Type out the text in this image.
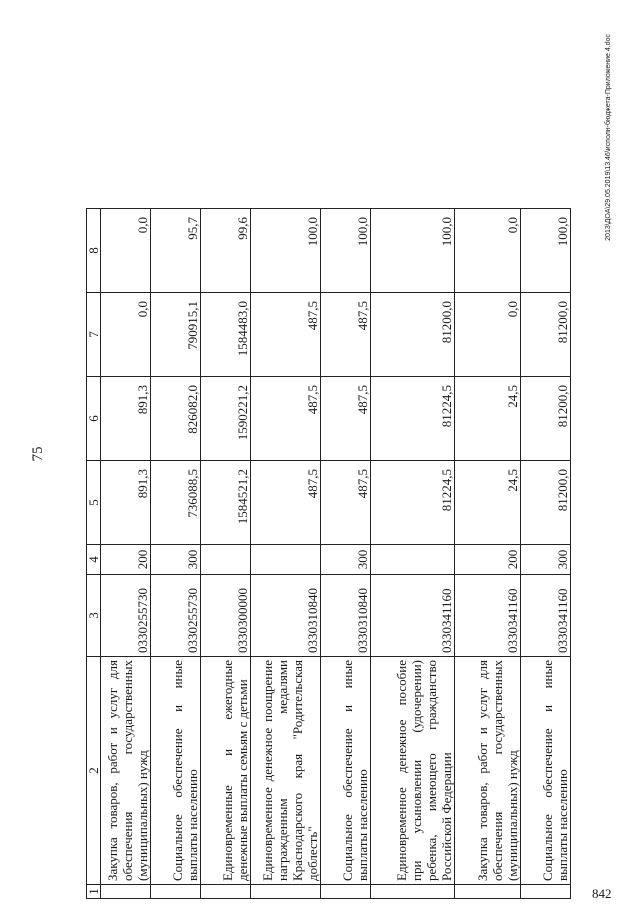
75
1	2	3	4	5	6	7	8
	Закупка товаров, работ и услуг для обеспечения государственных (муниципальных) нужд	0330255730	200	891,3	891,3	0,0	0,0
	Социальное обеспечение и иные выплаты населению	0330255730	300	736088,5	826082,0	790915,1	95,7
	Единовременные и ежегодные денежные выплаты семьям с детьми	0330300000		1584521,2	1590221,2	1584483,0	99,6
	Единовременное денежное поощрение награжденным медалями Краснодарского края "Родительская доблесть"	0330310840		487,5	487,5	487,5	100,0
	Социальное обеспечение и иные выплаты населению	0330310840	300	487,5	487,5	487,5	100,0
	Единовременное денежное пособие при усыновлении (удочерении) ребенка, имеющего гражданство Российской Федерации	0330341160		81224,5	81224,5	81200,0	100,0
	Закупка товаров, работ и услуг для обеспечения государственных (муниципальных) нужд	0330341160	200	24,5	24,5	0,0	0,0
	Социальное обеспечение и иные выплаты населению	0330341160	300	81200,0	81200,0	81200,0	100,0	2013\ДОА\29.05.2019\13.46\исполн-бюджета-Приложение 4.doc
842
